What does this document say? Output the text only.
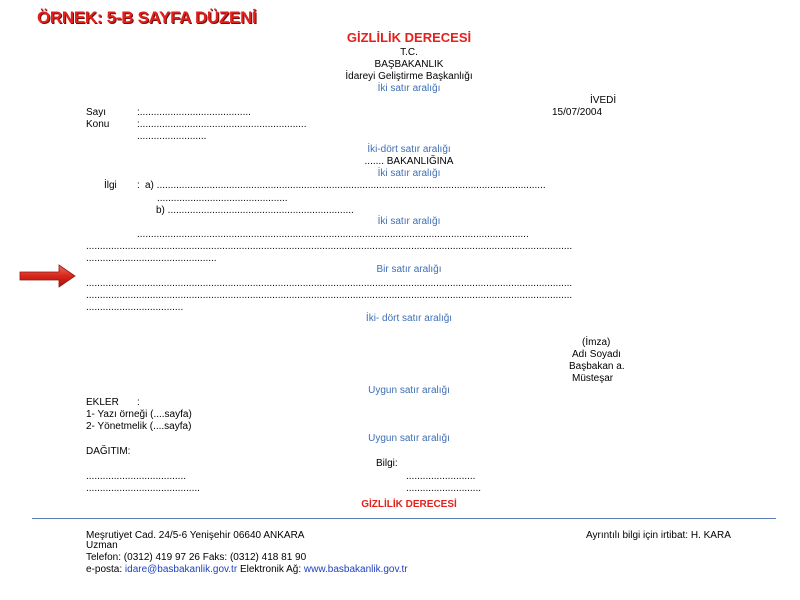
ÖRNEK: 5-B SAYFA DÜZENİ
GİZLİLİK DERECESİ
T.C.
BAŞBAKANLIK
İdareyi Geliştirme Başkanlığı
İki satır aralığı
İVEDİ
Sayı	:........................................	15/07/2004
Konu	:............................................................
.........................
İki-dört satır aralığı
....... BAKANLIĞINA
İki satır aralığı
İlgi : a) ............................................................................................................................................
...............................................
b) ...................................................................
İki satır aralığı
.............................................................................................................................................
...............................................................................................................................................................................
...............................................
Bir satır aralığı
...............................................................................................................................................................................
...............................................................................................................................................................................
...................................
İki- dört satır aralığı
(İmza)
Adı Soyadı
Başbakan a.
Müsteşar
Uygun satır aralığı
EKLER :
1- Yazı örneği (....sayfa)
2- Yönetmelik (....sayfa)
Uygun satır aralığı
DAĞITIM:
Bilgi:
....................................	.........................
.........................................	...........................
GİZLİLİK DERECESİ
Meşrutiyet Cad. 24/5-6 Yenişehir 06640 ANKARA	Ayrıntılı bilgi için irtibat: H. KARA
Uzman
Telefon: (0312) 419 97 26 Faks: (0312) 418 81 90
e-posta: idare@basbakanlik.gov.tr Elektronik Ağ: www.basbakanlik.gov.tr
